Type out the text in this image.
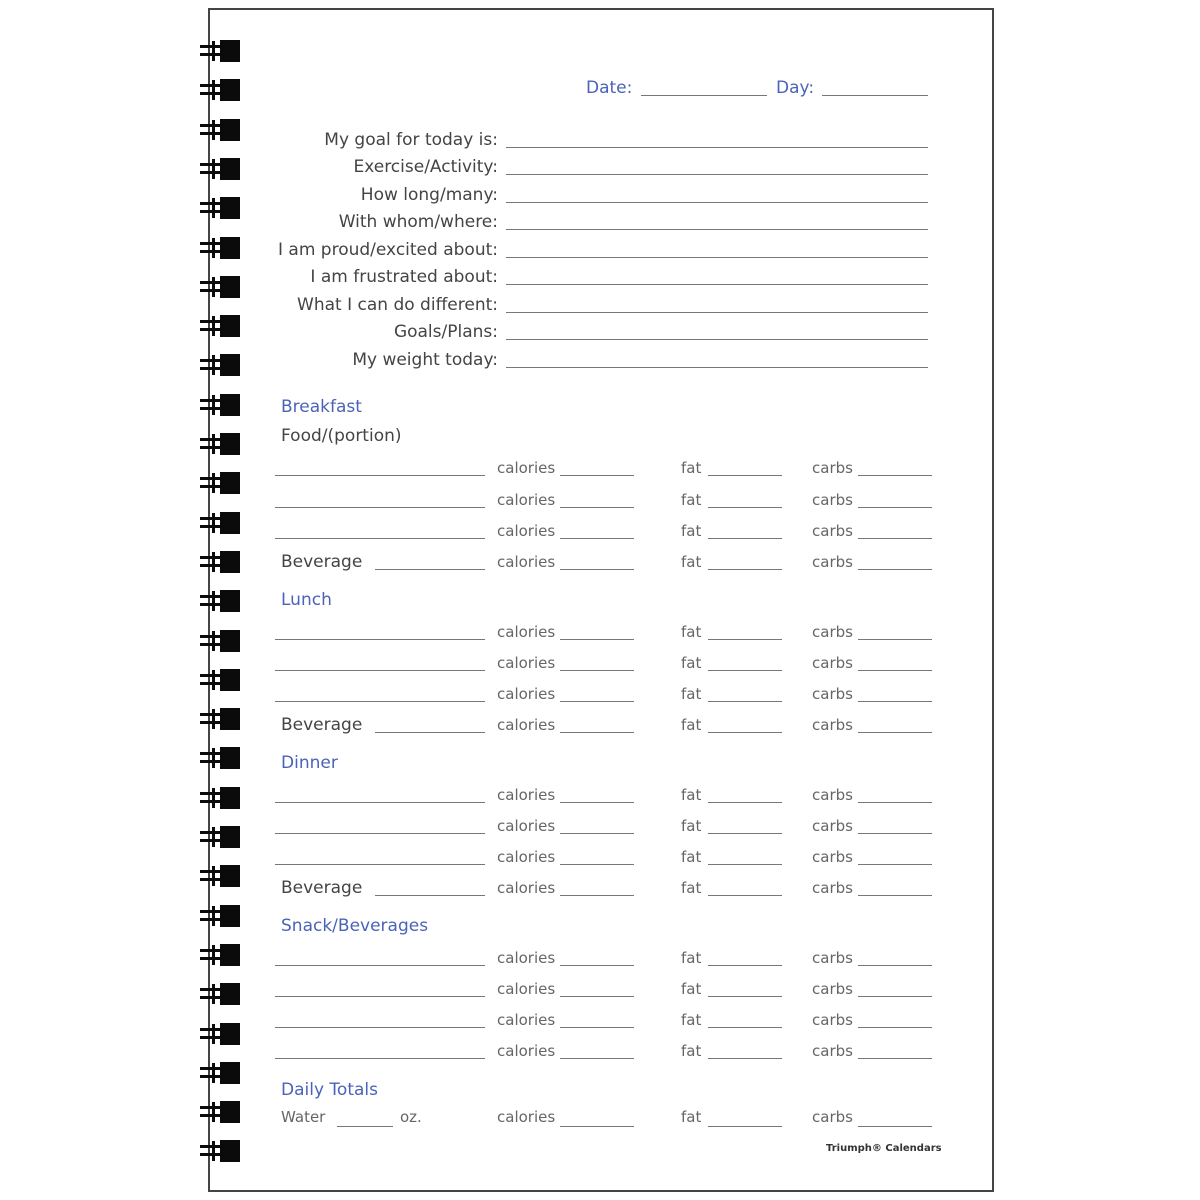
Date:	Day:
My goal for today is:
Exercise/Activity:
How long/many:
With whom/where:
I am proud/excited about:
I am frustrated about:
What I can do different:
Goals/Plans:
My weight today:
Breakfast
Food/(portion)
calories	fat	carbs
calories	fat	carbs
calories	fat	carbs
Beverage	calories	fat	carbs
Lunch
calories	fat	carbs
calories	fat	carbs
calories	fat	carbs
Beverage	calories	fat	carbs
Dinner
calories	fat	carbs
calories	fat	carbs
calories	fat	carbs
Beverage	calories	fat	carbs
Snack/Beverages
calories	fat	carbs
calories	fat	carbs
calories	fat	carbs
calories	fat	carbs
Daily Totals
Water	oz.	calories	fat	carbs
Triumph® Calendars
